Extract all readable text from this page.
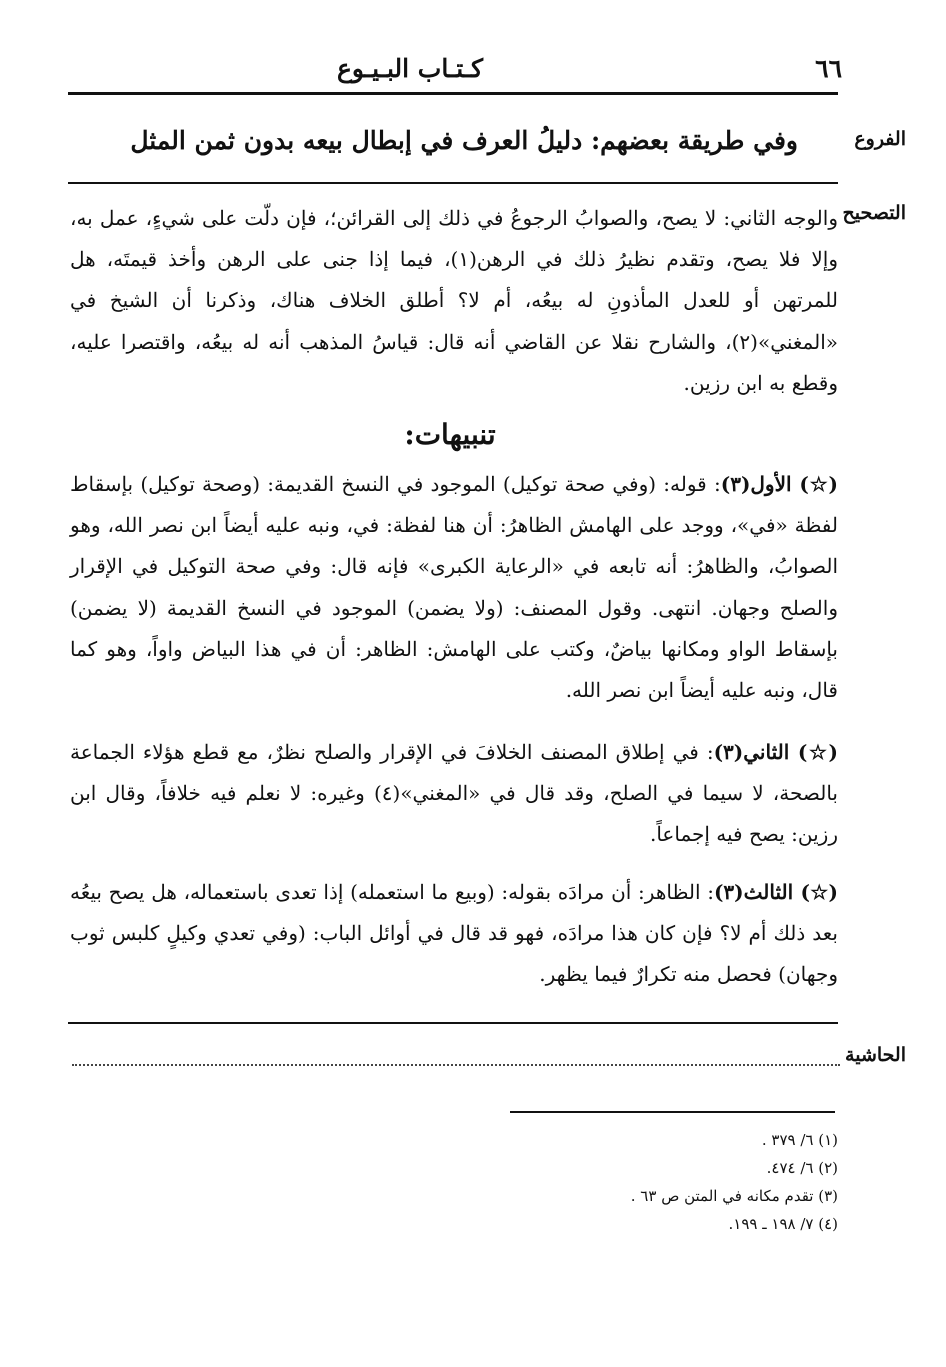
٦٦
كـتـاب البـيـوع
الفروع
وفي طريقة بعضهم: دليلُ العرف في إبطال بيعه بدون ثمن المثل
التصحيح
والوجه الثاني: لا يصح، والصوابُ الرجوعُ في ذلك إلى القرائن؛، فإن دلّت على شيءٍ، عمل به، وإلا فلا يصح، وتقدم نظيرُ ذلك في الرهن(١)، فيما إذا جنى على الرهن وأخذ قيمتَه، هل للمرتهن أو للعدل المأذونِ له بيعُه، أم لا؟ أطلق الخلاف هناك، وذكرنا أن الشيخ في «المغني»(٢)، والشارح نقلا عن القاضي أنه قال: قياسُ المذهب أنه له بيعُه، واقتصرا عليه، وقطع به ابن رزين.
تنبيهات:
(☆) الأول(٣): قوله: (وفي صحة توكيل) الموجود في النسخ القديمة: (وصحة توكيل) بإسقاط لفظة «في»، ووجد على الهامش الظاهرُ: أن هنا لفظة: في، ونبه عليه أيضاً ابن نصر الله، وهو الصوابُ، والظاهرُ: أنه تابعه في «الرعاية الكبرى» فإنه قال: وفي صحة التوكيل في الإقرار والصلح وجهان. انتهى. وقول المصنف: (ولا يضمن) الموجود في النسخ القديمة (لا يضمن) بإسقاط الواو ومكانها بياضٌ، وكتب على الهامش: الظاهر: أن في هذا البياض واواً، وهو كما قال، ونبه عليه أيضاً ابن نصر الله.
(☆) الثاني(٣): في إطلاق المصنف الخلافَ في الإقرار والصلح نظرٌ، مع قطع هؤلاء الجماعة بالصحة، لا سيما في الصلح، وقد قال في «المغني»(٤) وغيره: لا نعلم فيه خلافاً، وقال ابن رزين: يصح فيه إجماعاً.
(☆) الثالث(٣): الظاهر: أن مرادَه بقوله: (وبيع ما استعمله) إذا تعدى باستعماله، هل يصح بيعُه بعد ذلك أم لا؟ فإن كان هذا مرادَه، فهو قد قال في أوائل الباب: (وفي تعدي وكيلٍ كلبس ثوب وجهان) فحصل منه تكرارٌ فيما يظهر.
الحاشية
(١) ٦/ ٣٧٩ .
(٢) ٦/ ٤٧٤.
(٣) تقدم مكانه في المتن ص ٦٣ .
(٤) ٧/ ١٩٨ ـ ١٩٩.
